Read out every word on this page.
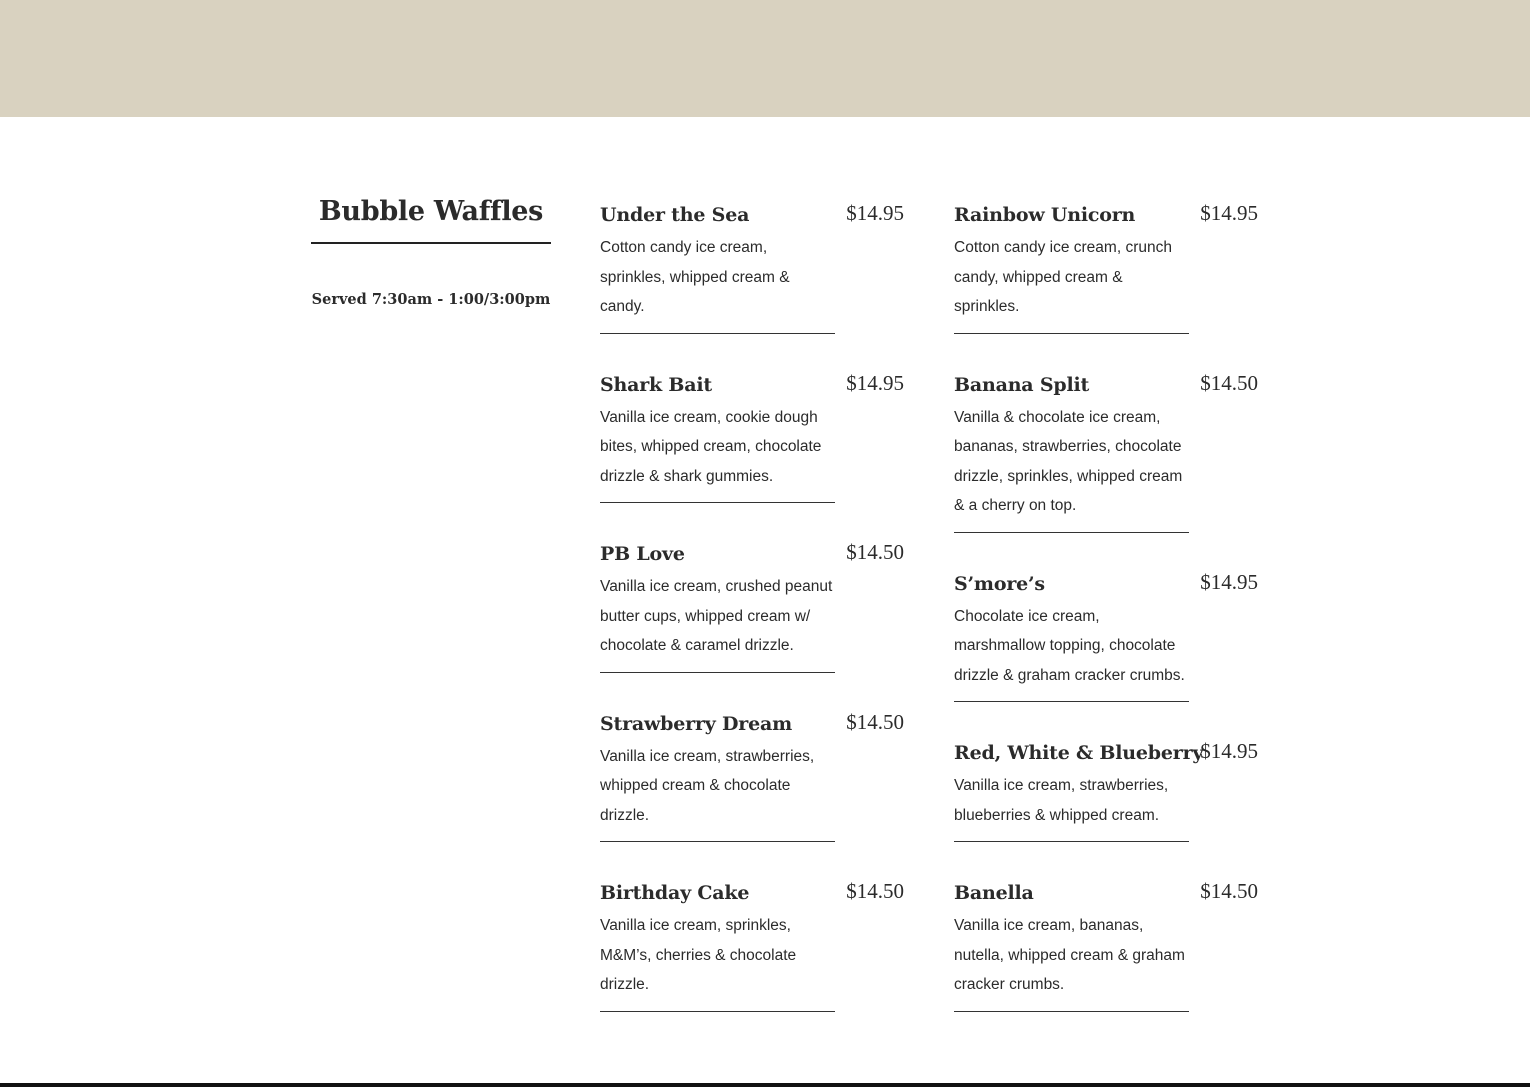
Bubble Waffles
Served 7:30am - 1:00/3:00pm
Under the Sea	$14.95
Cotton candy ice cream, sprinkles, whipped cream & candy.
Shark Bait	$14.95
Vanilla ice cream, cookie dough bites, whipped cream, chocolate drizzle & shark gummies.
PB Love	$14.50
Vanilla ice cream, crushed peanut butter cups, whipped cream w/ chocolate & caramel drizzle.
Strawberry Dream	$14.50
Vanilla ice cream, strawberries, whipped cream & chocolate drizzle.
Birthday Cake	$14.50
Vanilla ice cream, sprinkles, M&M’s, cherries & chocolate drizzle.
Rainbow Unicorn	$14.95
Cotton candy ice cream, crunch candy, whipped cream & sprinkles.
Banana Split	$14.50
Vanilla & chocolate ice cream, bananas, strawberries, chocolate drizzle, sprinkles, whipped cream & a cherry on top.
S’more’s	$14.95
Chocolate ice cream, marshmallow topping, chocolate drizzle & graham cracker crumbs.
Red, White & Blueberry
$14.95
Vanilla ice cream, strawberries, blueberries & whipped cream.
Banella	$14.50
Vanilla ice cream, bananas, nutella, whipped cream & graham cracker crumbs.
